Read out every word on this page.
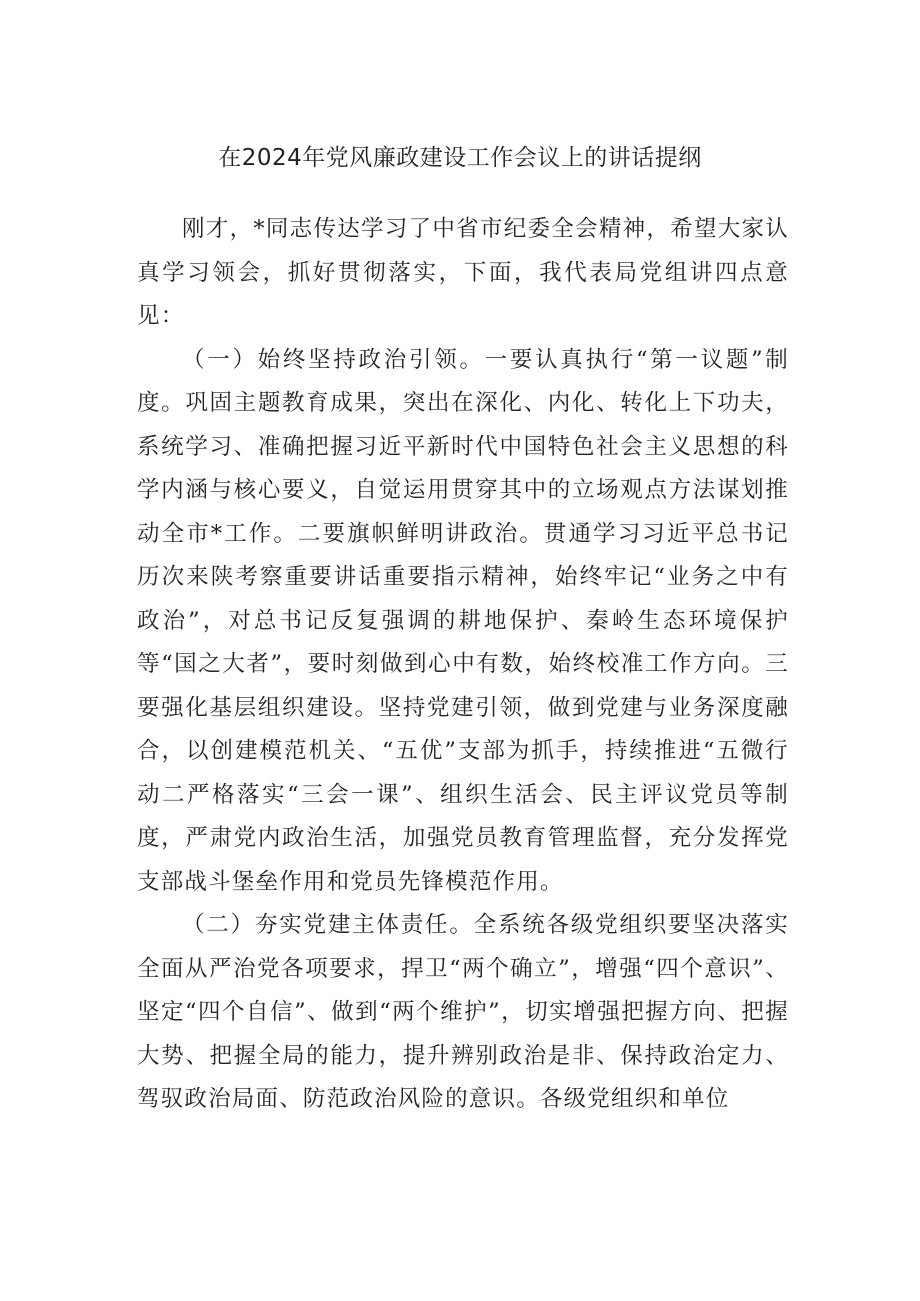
在2024年党风廉政建设工作会议上的讲话提纲

刚才，*同志传达学习了中省市纪委全会精神，希望大家认真学习领会，抓好贯彻落实，下面，我代表局党组讲四点意见：

（一）始终坚持政治引领。一要认真执行“第一议题”制度。巩固主题教育成果，突出在深化、内化、转化上下功夫，系统学习、准确把握习近平新时代中国特色社会主义思想的科学内涵与核心要义，自觉运用贯穿其中的立场观点方法谋划推动全市*工作。二要旗帜鲜明讲政治。贯通学习习近平总书记历次来陕考察重要讲话重要指示精神，始终牢记“业务之中有政治”，对总书记反复强调的耕地保护、秦岭生态环境保护等“国之大者”，要时刻做到心中有数，始终校准工作方向。三要强化基层组织建设。坚持党建引领，做到党建与业务深度融合，以创建模范机关、“五优”支部为抓手，持续推进“五微行动二严格落实“三会一课”、组织生活会、民主评议党员等制度，严肃党内政治生活，加强党员教育管理监督，充分发挥党支部战斗堡垒作用和党员先锋模范作用。

（二）夯实党建主体责任。全系统各级党组织要坚决落实全面从严治党各项要求，捍卫“两个确立”，增强“四个意识”、坚定“四个自信”、做到“两个维护”，切实增强把握方向、把握大势、把握全局的能力，提升辨别政治是非、保持政治定力、驾驭政治局面、防范政治风险的意识。各级党组织和单位
